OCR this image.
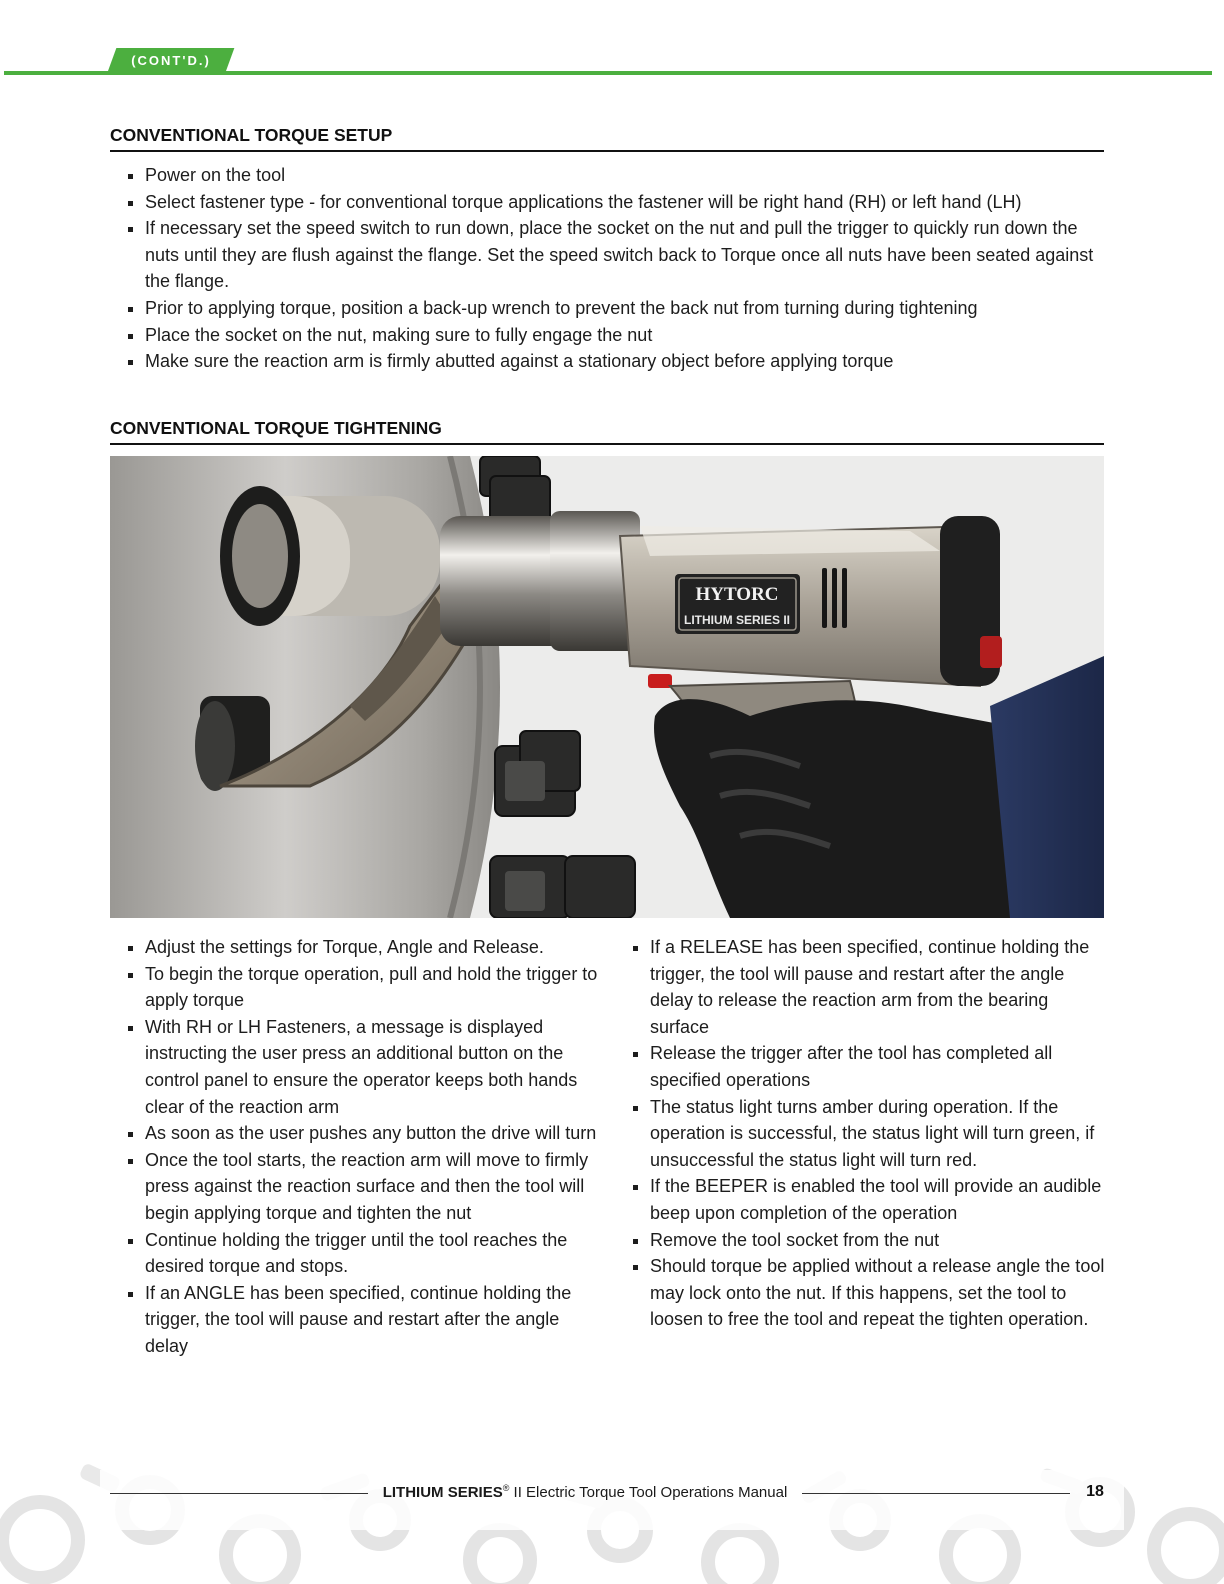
(CONT'D.)
CONVENTIONAL TORQUE SETUP
Power on the tool
Select fastener type - for conventional torque applications the fastener will be right hand (RH) or left hand (LH)
If necessary set the speed switch to run down, place the socket on the nut and pull the trigger to quickly run down the nuts until they are flush against the flange. Set the speed switch back to Torque once all nuts have been seated against the flange.
Prior to applying torque, position a back-up wrench to prevent the back nut from turning during tightening
Place the socket on the nut, making sure to fully engage the nut
Make sure the reaction arm is firmly abutted against a stationary object before applying torque
CONVENTIONAL TORQUE TIGHTENING
HYTORC
LITHIUM SERIES II
Adjust the settings for Torque, Angle and Release.
To begin the torque operation, pull and hold the trigger to apply torque
With RH or LH Fasteners, a message is displayed instructing the user press an additional button on the control panel to ensure the operator keeps both hands clear of the reaction arm
As soon as the user pushes any button the drive will turn
Once the tool starts, the reaction arm will move to firmly press against the reaction surface and then the tool will begin applying torque and tighten the nut
Continue holding the trigger until the tool reaches the desired torque and stops.
If an ANGLE has been specified, continue holding the trigger, the tool will pause and restart after the angle delay
If a RELEASE has been specified, continue holding the trigger, the tool will pause and restart after the angle delay to release the reaction arm from the bearing surface
Release the trigger after the tool has completed all specified operations
The status light turns amber during operation. If the operation is successful, the status light will turn green, if unsuccessful the status light will turn red.
If the BEEPER is enabled the tool will provide an audible beep upon completion of the operation
Remove the tool socket from the nut
Should torque be applied without a release angle the tool may lock onto the nut. If this happens, set the tool to loosen to free the tool and repeat the tighten operation.
LITHIUM SERIES® II Electric Torque Tool Operations Manual	18
